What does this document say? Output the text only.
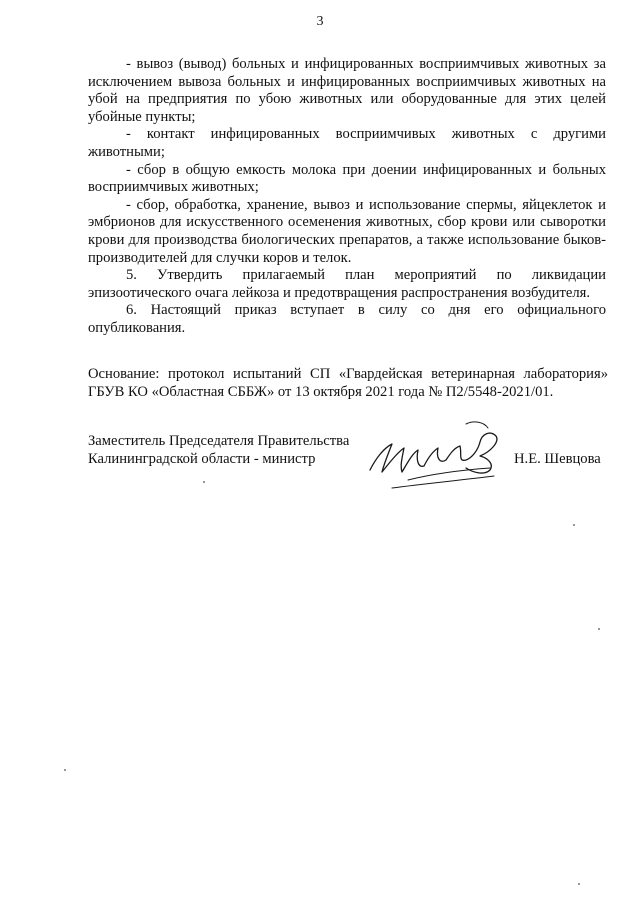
3

- вывоз (вывод) больных и инфицированных восприимчивых животных за исключением вывоза больных и инфицированных восприимчивых животных на убой на предприятия по убою животных или оборудованные для этих целей убойные пункты;

- контакт инфицированных восприимчивых животных с другими животными;

- сбор в общую емкость молока при доении инфицированных и больных восприимчивых животных;

- сбор, обработка, хранение, вывоз и использование спермы, яйцеклеток и эмбрионов для искусственного осеменения животных, сбор крови или сыворотки крови для производства биологических препаратов, а также использование быков-производителей для случки коров и телок.

5. Утвердить прилагаемый план мероприятий по ликвидации эпизоотического очага лейкоза и предотвращения распространения возбудителя.

6. Настоящий приказ вступает в силу со дня его официального опубликования.

Основание: протокол испытаний СП «Гвардейская ветеринарная лаборатория» ГБУВ КО «Областная СББЖ» от 13 октября 2021 года № П2/5548-2021/01.
Заместитель Председателя Правительства
Калининградской области - министр	Н.Е. Шевцова
